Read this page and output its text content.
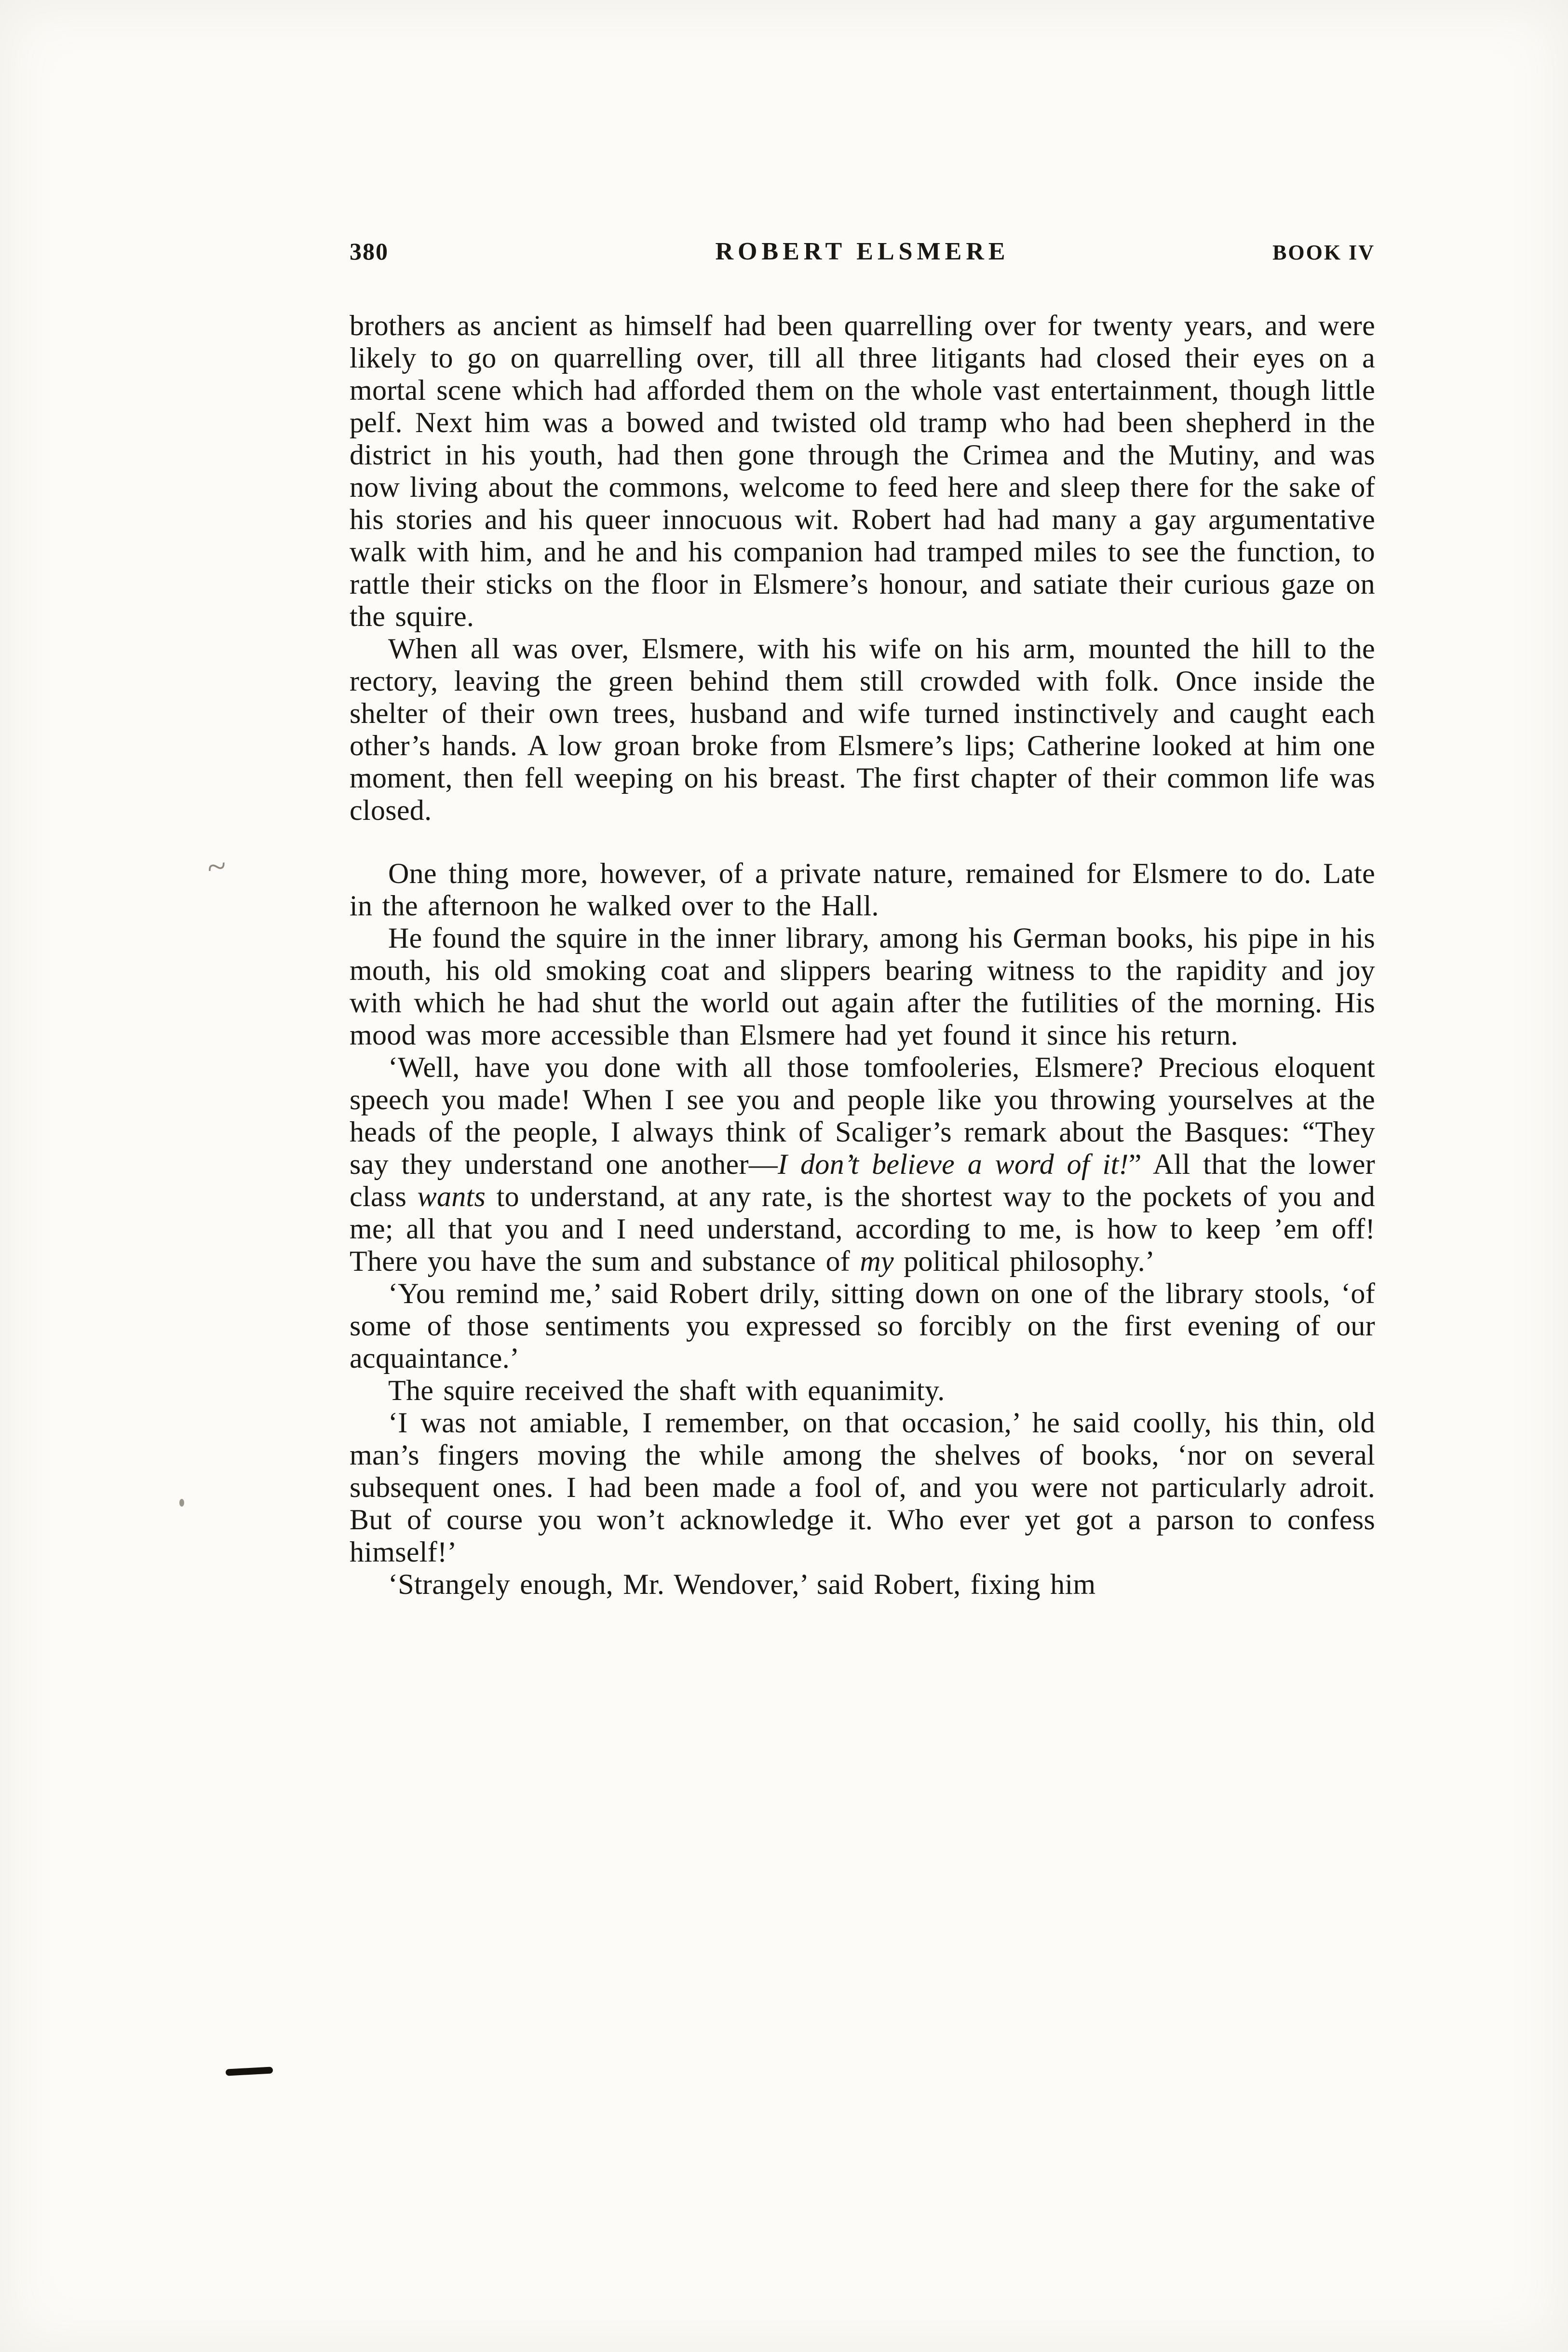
380	ROBERT ELSMERE	BOOK IV

brothers as ancient as himself had been quarrelling over for twenty years, and were likely to go on quarrelling over, till all three litigants had closed their eyes on a mortal scene which had afforded them on the whole vast entertainment, though little pelf. Next him was a bowed and twisted old tramp who had been shepherd in the district in his youth, had then gone through the Crimea and the Mutiny, and was now living about the commons, welcome to feed here and sleep there for the sake of his stories and his queer innocuous wit. Robert had had many a gay argumentative walk with him, and he and his companion had tramped miles to see the function, to rattle their sticks on the floor in Elsmere’s honour, and satiate their curious gaze on the squire.

When all was over, Elsmere, with his wife on his arm, mounted the hill to the rectory, leaving the green behind them still crowded with folk. Once inside the shelter of their own trees, husband and wife turned instinctively and caught each other’s hands. A low groan broke from Elsmere’s lips; Catherine looked at him one moment, then fell weeping on his breast. The first chapter of their common life was closed.

One thing more, however, of a private nature, remained for Elsmere to do. Late in the afternoon he walked over to the Hall.

He found the squire in the inner library, among his German books, his pipe in his mouth, his old smoking coat and slippers bearing witness to the rapidity and joy with which he had shut the world out again after the futilities of the morning. His mood was more accessible than Elsmere had yet found it since his return.

‘Well, have you done with all those tomfooleries, Elsmere? Precious eloquent speech you made! When I see you and people like you throwing yourselves at the heads of the people, I always think of Scaliger’s remark about the Basques: “They say they understand one another—I don’t believe a word of it!” All that the lower class wants to understand, at any rate, is the shortest way to the pockets of you and me; all that you and I need understand, according to me, is how to keep ’em off! There you have the sum and substance of my political philosophy.’

‘You remind me,’ said Robert drily, sitting down on one of the library stools, ‘of some of those sentiments you expressed so forcibly on the first evening of our acquaintance.’

The squire received the shaft with equanimity.

‘I was not amiable, I remember, on that occasion,’ he said coolly, his thin, old man’s fingers moving the while among the shelves of books, ‘nor on several subsequent ones. I had been made a fool of, and you were not particularly adroit. But of course you won’t acknowledge it. Who ever yet got a parson to confess himself!’

‘Strangely enough, Mr. Wendover,’ said Robert, fixing him

~
